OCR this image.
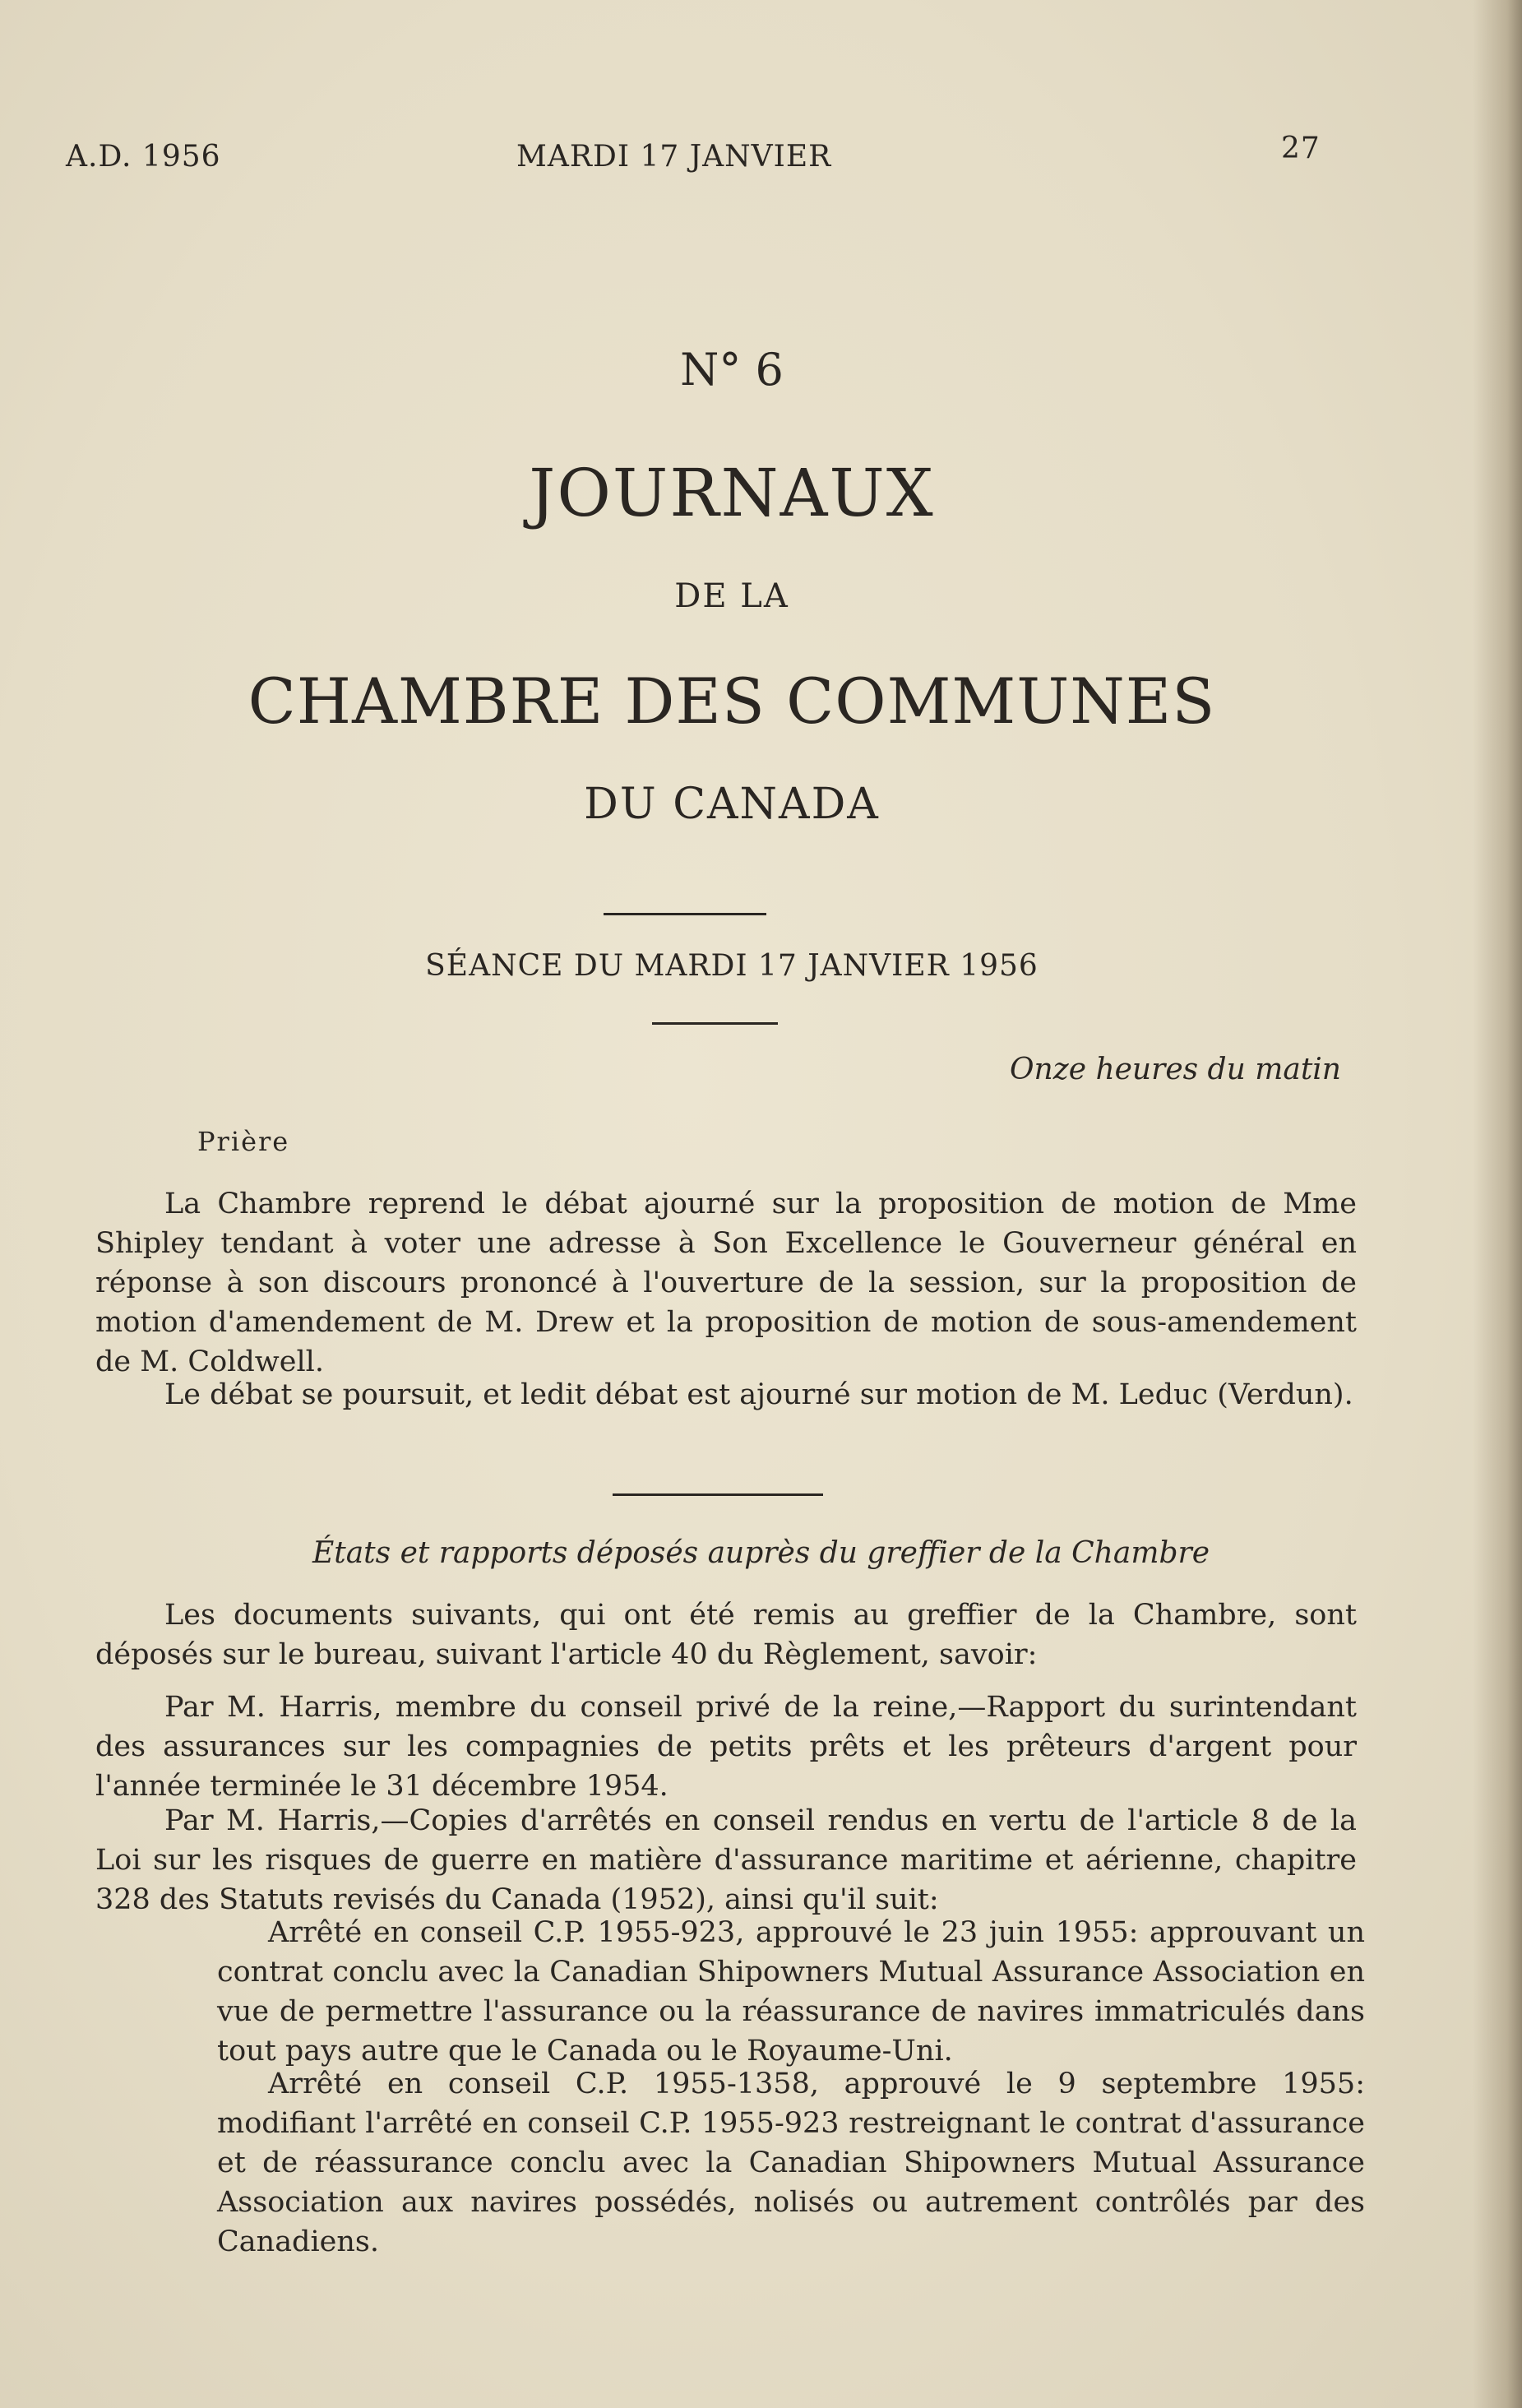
A.D. 1956	MARDI 17 JANVIER	27
N° 6
JOURNAUX
DE LA
CHAMBRE DES COMMUNES
DU CANADA
SÉANCE DU MARDI 17 JANVIER 1956
Onze heures du matin
Prière
La Chambre reprend le débat ajourné sur la proposition de motion de Mme Shipley tendant à voter une adresse à Son Excellence le Gouverneur général en réponse à son discours prononcé à l'ouverture de la session, sur la proposition de motion d'amendement de M. Drew et la proposition de motion de sous-amendement de M. Coldwell.
Le débat se poursuit, et ledit débat est ajourné sur motion de M. Leduc (Verdun).
États et rapports déposés auprès du greffier de la Chambre
Les documents suivants, qui ont été remis au greffier de la Chambre, sont déposés sur le bureau, suivant l'article 40 du Règlement, savoir:
Par M. Harris, membre du conseil privé de la reine,—Rapport du surintendant des assurances sur les compagnies de petits prêts et les prêteurs d'argent pour l'année terminée le 31 décembre 1954.
Par M. Harris,—Copies d'arrêtés en conseil rendus en vertu de l'article 8 de la Loi sur les risques de guerre en matière d'assurance maritime et aérienne, chapitre 328 des Statuts revisés du Canada (1952), ainsi qu'il suit:
Arrêté en conseil C.P. 1955-923, approuvé le 23 juin 1955: approuvant un contrat conclu avec la Canadian Shipowners Mutual Assurance Association en vue de permettre l'assurance ou la réassurance de navires immatriculés dans tout pays autre que le Canada ou le Royaume-Uni.
Arrêté en conseil C.P. 1955-1358, approuvé le 9 septembre 1955: modifiant l'arrêté en conseil C.P. 1955-923 restreignant le contrat d'assurance et de réassurance conclu avec la Canadian Shipowners Mutual Assurance Association aux navires possédés, nolisés ou autrement contrôlés par des Canadiens.
